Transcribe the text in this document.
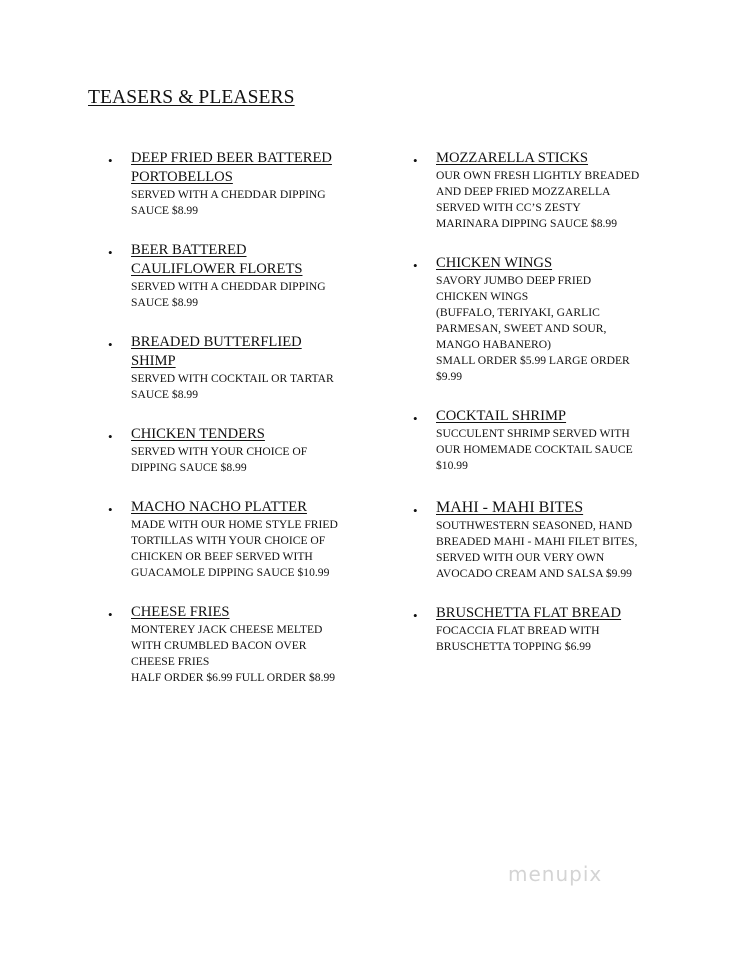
TEASERS & PLEASERS
• DEEP FRIED BEER BATTERED
PORTOBELLOS
SERVED WITH A CHEDDAR DIPPING
SAUCE $8.99
• BEER BATTERED
CAULIFLOWER FLORETS
SERVED WITH A CHEDDAR DIPPING
SAUCE $8.99
• BREADED BUTTERFLIED
SHIMP
SERVED WITH COCKTAIL OR TARTAR
SAUCE $8.99
• CHICKEN TENDERS
SERVED WITH YOUR CHOICE OF
DIPPING SAUCE $8.99
• MACHO NACHO PLATTER
MADE WITH OUR HOME STYLE FRIED
TORTILLAS WITH YOUR CHOICE OF
CHICKEN OR BEEF SERVED WITH
GUACAMOLE DIPPING SAUCE $10.99
• CHEESE FRIES
MONTEREY JACK CHEESE MELTED
WITH CRUMBLED BACON OVER
CHEESE FRIES
HALF ORDER $6.99 FULL ORDER $8.99
• MOZZARELLA STICKS
OUR OWN FRESH LIGHTLY BREADED
AND DEEP FRIED MOZZARELLA
SERVED WITH CC’S ZESTY
MARINARA DIPPING SAUCE $8.99
• CHICKEN WINGS
SAVORY JUMBO DEEP FRIED
CHICKEN WINGS
(BUFFALO, TERIYAKI, GARLIC
PARMESAN, SWEET AND SOUR,
MANGO HABANERO)
SMALL ORDER $5.99 LARGE ORDER
$9.99
• COCKTAIL SHRIMP
SUCCULENT SHRIMP SERVED WITH
OUR HOMEMADE COCKTAIL SAUCE
$10.99
• MAHI - MAHI BITES
SOUTHWESTERN SEASONED, HAND
BREADED MAHI - MAHI FILET BITES,
SERVED WITH OUR VERY OWN
AVOCADO CREAM AND SALSA $9.99
• BRUSCHETTA FLAT BREAD
FOCACCIA FLAT BREAD WITH
BRUSCHETTA TOPPING $6.99
menupix
